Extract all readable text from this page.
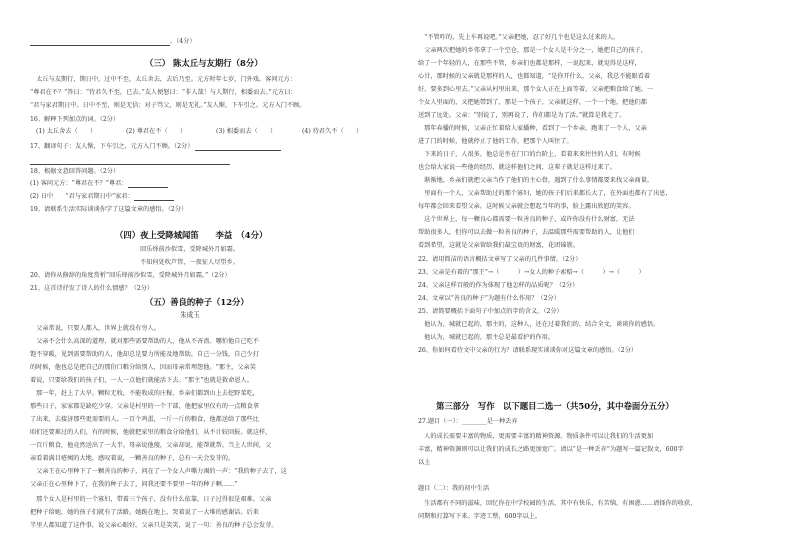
。（4分）
（三） 陈太丘与友期行（8分）
　太丘与友期行，期日中，过中不至，太丘舍去，去后乃至。元方时年七岁，门外戏。客问元方：
“尊君在不？”答曰：“待君久不至，已去。”友人便怒曰：“非人哉！与人期行，相委而去。”元方曰：
“君与家君期日中。日中不至，则是无信；对子骂父，则是无礼。”友人惭，下车引之。元方入门不顾。
16、解释下列加点的词。（2分）
(1) 太丘舍去（　　）	(2) 尊君在不（　　）	(3) 相委而去（　　）	(4) 待君久不（　　）
17、翻译句子：友人惭，下车引之，元方入门不顾。（2分）
18、根据文意回答问题。（2分）
(1) 客问元方：“尊君在不？”尊君：
(2) 日中　　“君与家君期日中”家君：
19、请联系生活实际谈谈你学了这篇文章的感悟。（2分）
（四）夜上受降城闻笛　　李益　（4分）
回乐烽前沙似雪，受降城外月如霜。
不知何处吹芦管，一夜征人尽望乡。
20、请你从修辞的角度赏析“回乐烽前沙似雪，受降城外月如霜。”（2分）
21、这首诗抒发了诗人的什么情感？（2分）
（五）善良的种子（12分）
朱成玉
　父亲常说，只要人都入，世界上就没有穷人。
　父亲不会什么高深的道理，就对那些需要帮助的人，他从不吝啬。哪怕他自己吃不
饱不穿暖，见到需要帮助的人，他却总是要力所能及地帮助，自己一分钱，自己少打
的时候，他也总是把自己的那份口粮分给别人，因而母亲常埋怨他。“那主，父亲笑
着说，只要给我们的孩子们，一人一点他们就能活下去。“那主”也就是救命恩人。
　那一年，赶上了大旱，颗粒无收，不能收成的庄稼，乡亲们都到山上去挖野菜吃，
那些日子，家家都是缺吃少穿。父亲是村里的一个干部，他把家里仅有的一点粮食拿
了出来，去接济那些更需要的人。一百个鸡蛋，一斤一斤的粮食，他都送给了那些比
咱们还要难过的人们，有的时候，他就把家里的粮食分给他们，从不计较回报。就这样，
一百斤粮食，他竟然送出了一大半。母亲说他傻，父亲却说，能帮就帮。当上人世间，父
亲看着满目疮痍的大地，感叹着说，一颗善良的种子，总有一天会发芽的。
　父亲王在心里种下了一颗善良的种子，问在了一个女人声嘶力竭的一声：“我的种子去了，这
父亲正在心里种下了，在我的种子去了，问我还要不要里一年的种子啊……”
　那个女人是村里的一个寡妇，带着三个孩子，没有什么依靠，日子过得很是艰难。父亲
把种子给她，她的孩子们就有了活路。她跪在地上，哭着说了一大堆的感谢话。后来
半里人都知道了这件事，说父亲心眼好。父亲只是笑笑，说了一句：善良的种子总会发芽。
　“不管咋的，先上车再说吧。”父亲把她，忍了好几个也是这么过来的人。
　父亲两次把她的乡邻拿了一个空仓，那是一个女人是千分之一，她把自己的孩子，
给了一个年轻的人，在那些不管，乡亲们也都是那样，一说起来，就觉得是这样，
心甘，那时候的父亲就是那样的人，也都知道，“是你开什么，父亲，我总不能眼看着
好，要多到心里去。”父亲从村里出来，那个女人正在上面等着，父亲把粮食给了她。一
个女人里面的，又把她带到了，那是一个孩子，父亲就这样，一个一个地，把他们都
送到了远处。父亲：“别说了，别再说了，你们都是为了活。”就算是我走了。
　那年春播的时候，父亲正忙着给人家播种，看到了一个乡亲，跑来了一个人，父亲
进了门的时候，他就停止了他的工作，把那个人叫住了。
　下来的日子，人很多，他总是坐在门口的台阶上，看着来来往往的人们，有时候
也会给大家说一些他的经历，就这样他们之间，这辈子就是这样过来了。
　渐渐地，乡亲们就把父亲当作了他们的主心骨，遇到了什么事情都要来找父亲商量。
　里面有一个人，父亲帮助过的那个寡妇，她的孩子们后来都长大了，在外面也都有了出息，
每年都会回来看望父亲。这时候父亲就会想起当年的事，脸上露出欣慰的笑容。
　这个世界上，每一颗良心都需要一粒善良的种子，或许你没有什么财富，无法
帮助很多人，但你可以去做一粒善良的种子，去温暖那些需要帮助的人，让他们
看到希望，这就是父亲留给我们最宝贵的财富，花团锦簇。
22、请用简洁的语言概括文章写了父亲的几件事情。（2分）
23、父亲是有着的“那王”→（　　　）→女人的种子索赔→（　　　）→（　　　）
24、父亲这样百般的作为体现了他怎样的品质呢？（2分）
24、文章以“善良的种子”为题有什么作用？（2分）
25、请简要概括下面句子中加点的字的含义。（2分）
　他认为，城就已起的，那主的，这种人，还在过着我们的，结合全文，谈谈你的感悟。
　他认为，城就已起的，那主总是最看护的作用。
26、你如何看待文中父亲的行为？请联系现实谈谈你对这篇文章的感悟。（2分）
第三部分　写作　以下题目二选一（共50分，其中卷面分五分）
27.题目（一）：________是一种丢弃
　人的成长需要丰富的物质，更需要丰富的精神资源。物质条件可以让我们的生活更加
丰富，精神资源则可以让我们的成长之路更加宽广。请以“是一种丢弃”为题写一篇记叙文，600字
以上
题目（二）：我的初中生活
　生活都有不同的滋味，回忆你在中学校园的生活，其中有快乐，有苦恼，有困惑……请择你的收获，
同期和打算写下来。字迹工整，600字以上。
